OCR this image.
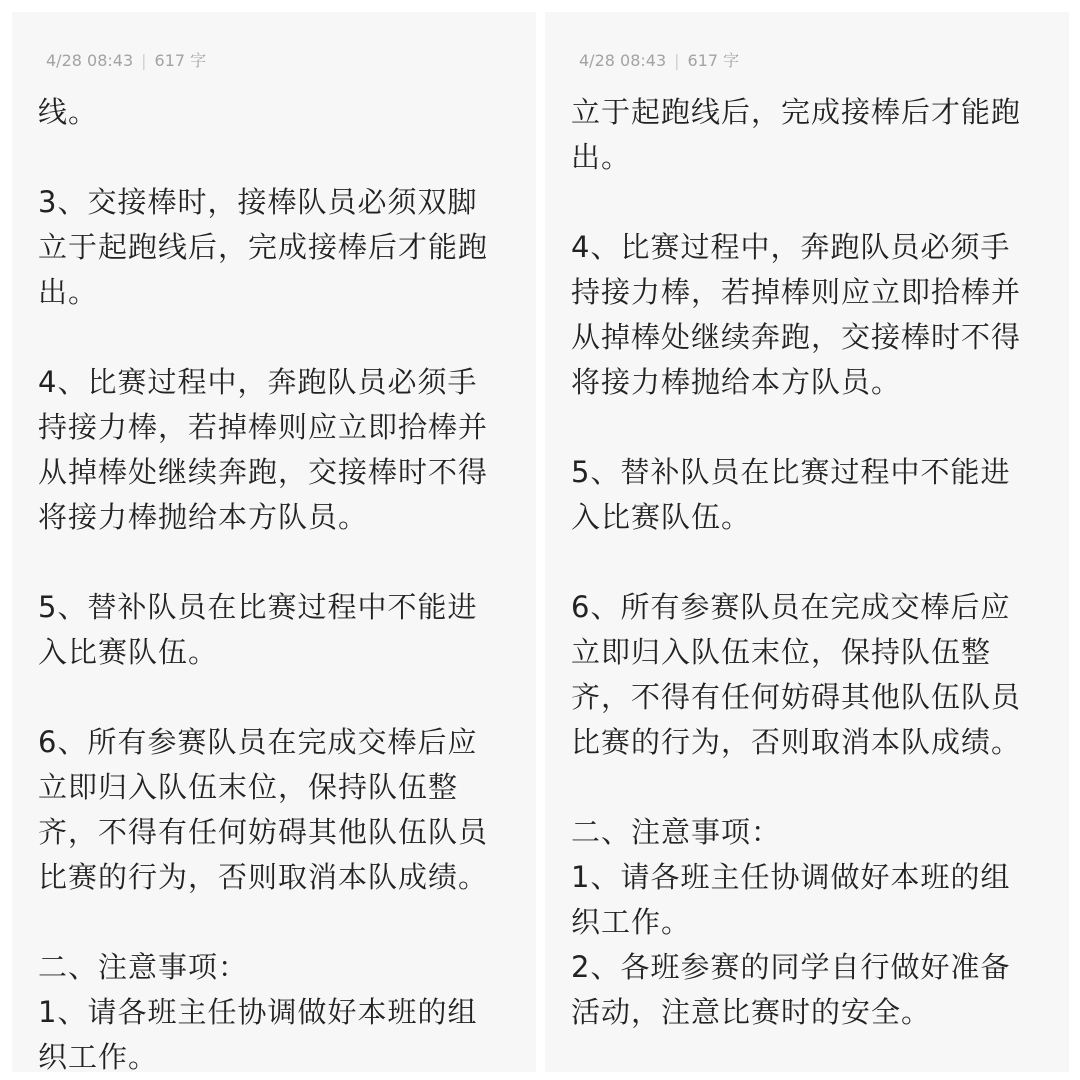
4/28 08:43 | 617 字
线。
3、交接棒时，接棒队员必须双脚
立于起跑线后，完成接棒后才能跑
出。
4、比赛过程中，奔跑队员必须手
持接力棒，若掉棒则应立即拾棒并
从掉棒处继续奔跑，交接棒时不得
将接力棒抛给本方队员。
5、替补队员在比赛过程中不能进
入比赛队伍。
6、所有参赛队员在完成交棒后应
立即归入队伍末位，保持队伍整
齐，不得有任何妨碍其他队伍队员
比赛的行为，否则取消本队成绩。
二、注意事项：
1、请各班主任协调做好本班的组
织工作。
4/28 08:43 | 617 字
立于起跑线后，完成接棒后才能跑
出。
4、比赛过程中，奔跑队员必须手
持接力棒，若掉棒则应立即拾棒并
从掉棒处继续奔跑，交接棒时不得
将接力棒抛给本方队员。
5、替补队员在比赛过程中不能进
入比赛队伍。
6、所有参赛队员在完成交棒后应
立即归入队伍末位，保持队伍整
齐，不得有任何妨碍其他队伍队员
比赛的行为，否则取消本队成绩。
二、注意事项：
1、请各班主任协调做好本班的组
织工作。
2、各班参赛的同学自行做好准备
活动，注意比赛时的安全。
